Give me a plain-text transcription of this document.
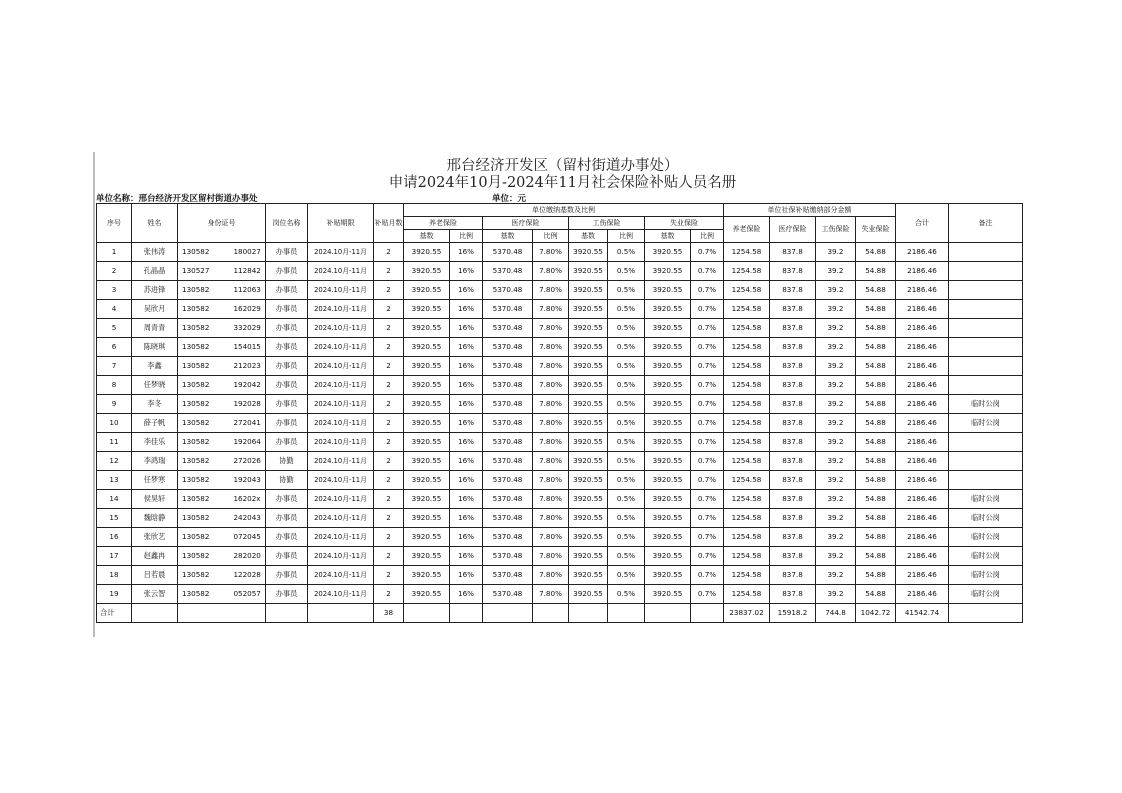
邢台经济开发区（留村街道办事处）
申请2024年10月-2024年11月社会保险补贴人员名册
单位名称：邢台经济开发区留村街道办事处	单位：元
序号	姓名	身份证号	岗位名称	补贴期限	补贴月数	单位缴纳基数及比例								单位社保补贴缴纳部分金额				合计	备注
						养老保险		医疗保险		工伤保险		失业保险		养老保险	医疗保险	工伤保险	失业保险		
						基数	比例	基数	比例	基数	比例	基数	比例						
1	张伟涛	130582 180027	办事员	2024.10月-11月	2	3920.55	16%	5370.48	7.80%	3920.55	0.5%	3920.55	0.7%	1254.58	837.8	39.2	54.88	2186.46	
2	孔晶晶	130527 112842	办事员	2024.10月-11月	2	3920.55	16%	5370.48	7.80%	3920.55	0.5%	3920.55	0.7%	1254.58	837.8	39.2	54.88	2186.46	
3	苏进锋	130582 112063	办事员	2024.10月-11月	2	3920.55	16%	5370.48	7.80%	3920.55	0.5%	3920.55	0.7%	1254.58	837.8	39.2	54.88	2186.46	
4	吴欣月	130582 162029	办事员	2024.10月-11月	2	3920.55	16%	5370.48	7.80%	3920.55	0.5%	3920.55	0.7%	1254.58	837.8	39.2	54.88	2186.46	
5	周青青	130582 332029	办事员	2024.10月-11月	2	3920.55	16%	5370.48	7.80%	3920.55	0.5%	3920.55	0.7%	1254.58	837.8	39.2	54.88	2186.46	
6	陈晓琪	130582 154015	办事员	2024.10月-11月	2	3920.55	16%	5370.48	7.80%	3920.55	0.5%	3920.55	0.7%	1254.58	837.8	39.2	54.88	2186.46	
7	李鑫	130582 212023	办事员	2024.10月-11月	2	3920.55	16%	5370.48	7.80%	3920.55	0.5%	3920.55	0.7%	1254.58	837.8	39.2	54.88	2186.46	
8	任梦晓	130582 192042	办事员	2024.10月-11月	2	3920.55	16%	5370.48	7.80%	3920.55	0.5%	3920.55	0.7%	1254.58	837.8	39.2	54.88	2186.46	
9	李冬	130582 192028	办事员	2024.10月-11月	2	3920.55	16%	5370.48	7.80%	3920.55	0.5%	3920.55	0.7%	1254.58	837.8	39.2	54.88	2186.46	临时公岗
10	薛子帆	130582 272041	办事员	2024.10月-11月	2	3920.55	16%	5370.48	7.80%	3920.55	0.5%	3920.55	0.7%	1254.58	837.8	39.2	54.88	2186.46	临时公岗
11	李佳乐	130582 192064	办事员	2024.10月-11月	2	3920.55	16%	5370.48	7.80%	3920.55	0.5%	3920.55	0.7%	1254.58	837.8	39.2	54.88	2186.46	
12	李鸿瑞	130582 272026	协勤	2024.10月-11月	2	3920.55	16%	5370.48	7.80%	3920.55	0.5%	3920.55	0.7%	1254.58	837.8	39.2	54.88	2186.46	
13	任梦寒	130582 192043	协勤	2024.10月-11月	2	3920.55	16%	5370.48	7.80%	3920.55	0.5%	3920.55	0.7%	1254.58	837.8	39.2	54.88	2186.46	
14	侯昊轩	130582 16202x	办事员	2024.10月-11月	2	3920.55	16%	5370.48	7.80%	3920.55	0.5%	3920.55	0.7%	1254.58	837.8	39.2	54.88	2186.46	临时公岗
15	魏晗静	130582 242043	办事员	2024.10月-11月	2	3920.55	16%	5370.48	7.80%	3920.55	0.5%	3920.55	0.7%	1254.58	837.8	39.2	54.88	2186.46	临时公岗
16	张欣艺	130582 072045	办事员	2024.10月-11月	2	3920.55	16%	5370.48	7.80%	3920.55	0.5%	3920.55	0.7%	1254.58	837.8	39.2	54.88	2186.46	临时公岗
17	赵鑫冉	130582 282020	办事员	2024.10月-11月	2	3920.55	16%	5370.48	7.80%	3920.55	0.5%	3920.55	0.7%	1254.58	837.8	39.2	54.88	2186.46	临时公岗
18	吕若晨	130582 122028	办事员	2024.10月-11月	2	3920.55	16%	5370.48	7.80%	3920.55	0.5%	3920.55	0.7%	1254.58	837.8	39.2	54.88	2186.46	临时公岗
19	张云智	130582 052057	办事员	2024.10月-11月	2	3920.55	16%	5370.48	7.80%	3920.55	0.5%	3920.55	0.7%	1254.58	837.8	39.2	54.88	2186.46	临时公岗
合计					38									23837.02	15918.2	744.8	1042.72	41542.74	
